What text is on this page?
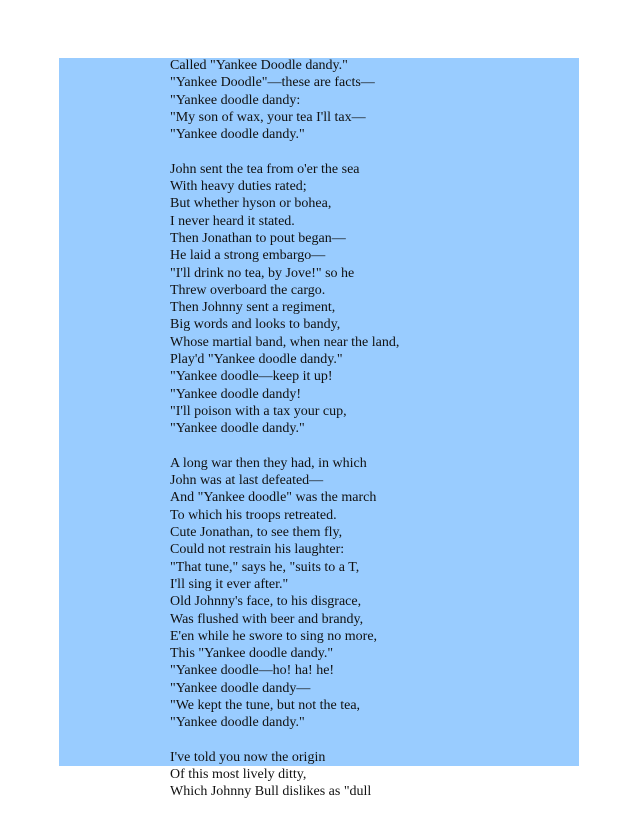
Called "Yankee Doodle dandy."
"Yankee Doodle"—these are facts—
"Yankee doodle dandy:
"My son of wax, your tea I'll tax—
"Yankee doodle dandy."
John sent the tea from o'er the sea
With heavy duties rated;
But whether hyson or bohea,
I never heard it stated.
Then Jonathan to pout began—
He laid a strong embargo—
"I'll drink no tea, by Jove!" so he
Threw overboard the cargo.
Then Johnny sent a regiment,
Big words and looks to bandy,
Whose martial band, when near the land,
Play'd "Yankee doodle dandy."
"Yankee doodle—keep it up!
"Yankee doodle dandy!
"I'll poison with a tax your cup,
"Yankee doodle dandy."
A long war then they had, in which
John was at last defeated—
And "Yankee doodle" was the march
To which his troops retreated.
Cute Jonathan, to see them fly,
Could not restrain his laughter:
"That tune," says he, "suits to a T,
I'll sing it ever after."
Old Johnny's face, to his disgrace,
Was flushed with beer and brandy,
E'en while he swore to sing no more,
This "Yankee doodle dandy."
"Yankee doodle—ho! ha! he!
"Yankee doodle dandy—
"We kept the tune, but not the tea,
"Yankee doodle dandy."
I've told you now the origin
Of this most lively ditty,
Which Johnny Bull dislikes as "dull
